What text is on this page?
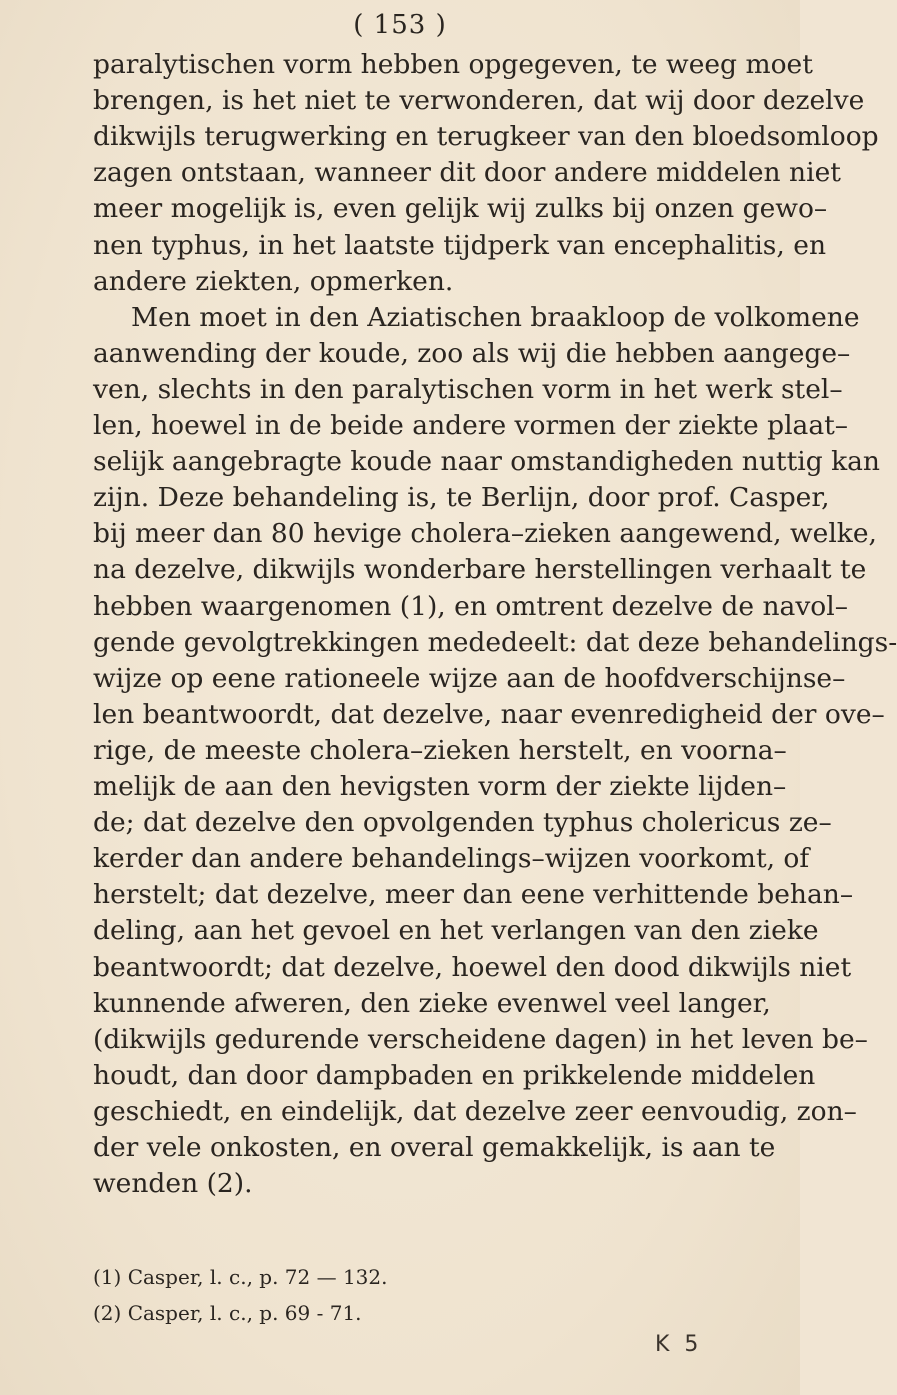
( 153 )
paralytischen vorm hebben opgegeven, te weeg moet
brengen, is het niet te verwonderen, dat wij door dezelve
dikwijls terugwerking en terugkeer van den bloedsomloop
zagen ontstaan, wanneer dit door andere middelen niet
meer mogelijk is, even gelijk wij zulks bij onzen gewo–
nen typhus, in het laatste tijdperk van encephalitis, en
andere ziekten, opmerken.
Men moet in den Aziatischen braakloop de volkomene
aanwending der koude, zoo als wij die hebben aangege–
ven, slechts in den paralytischen vorm in het werk stel–
len, hoewel in de beide andere vormen der ziekte plaat–
selijk aangebragte koude naar omstandigheden nuttig kan
zijn. Deze behandeling is, te Berlijn, door prof. Casper,
bij meer dan 80 hevige cholera–zieken aangewend, welke,
na dezelve, dikwijls wonderbare herstellingen verhaalt te
hebben waargenomen (1), en omtrent dezelve de navol–
gende gevolgtrekkingen mededeelt: dat deze behandelings-
wijze op eene rationeele wijze aan de hoofdverschijnse–
len beantwoordt, dat dezelve, naar evenredigheid der ove–
rige, de meeste cholera–zieken herstelt, en voorna–
melijk de aan den hevigsten vorm der ziekte lijden–
de; dat dezelve den opvolgenden typhus cholericus ze–
kerder dan andere behandelings–wijzen voorkomt, of
herstelt; dat dezelve, meer dan eene verhittende behan–
deling, aan het gevoel en het verlangen van den zieke
beantwoordt; dat dezelve, hoewel den dood dikwijls niet
kunnende afweren, den zieke evenwel veel langer,
(dikwijls gedurende verscheidene dagen) in het leven be–
houdt, dan door dampbaden en prikkelende middelen
geschiedt, en eindelijk, dat dezelve zeer eenvoudig, zon–
der vele onkosten, en overal gemakkelijk, is aan te
wenden (2).
(1) Casper, l. c., p. 72 — 132.
(2) Casper, l. c., p. 69 - 71.
K 5
